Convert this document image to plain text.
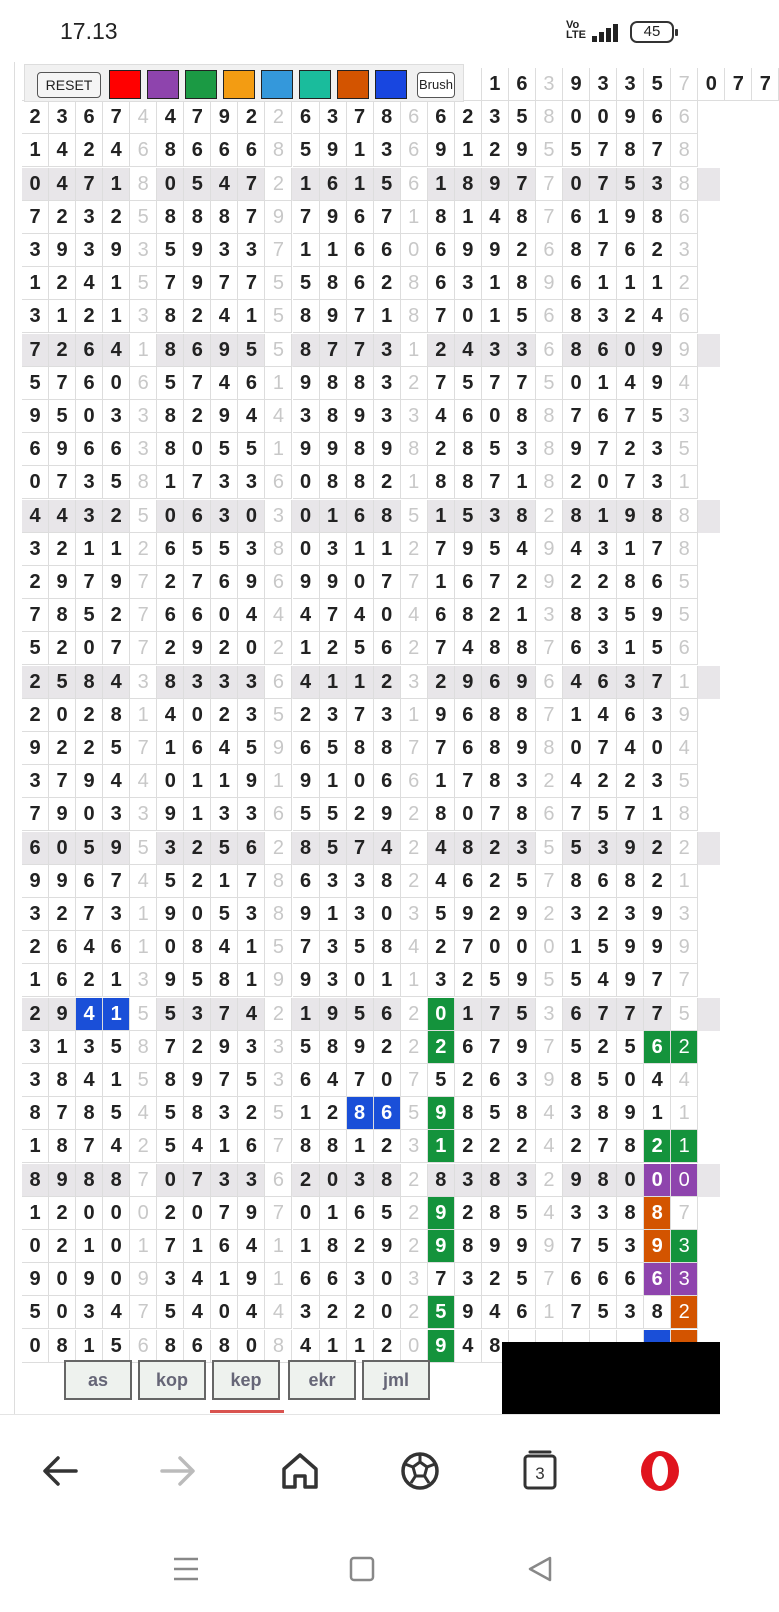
17.13	Vo LTE	45
1 6 3 9 3 3 5 7 0 7 7
2 3 6 7 4 4 7 9 2 2 6 3 7 8 6 6 2 3 5 8 0 0 9 6 6
1 4 2 4 6 8 6 6 6 8 5 9 1 3 6 9 1 2 9 5 5 7 8 7 8
0 4 7 1 8 0 5 4 7 2 1 6 1 5 6 1 8 9 7 7 0 7 5 3 8
7 2 3 2 5 8 8 8 7 9 7 9 6 7 1 8 1 4 8 7 6 1 9 8 6
3 9 3 9 3 5 9 3 3 7 1 1 6 6 0 6 9 9 2 6 8 7 6 2 3
1 2 4 1 5 7 9 7 7 5 5 8 6 2 8 6 3 1 8 9 6 1 1 1 2
3 1 2 1 3 8 2 4 1 5 8 9 7 1 8 7 0 1 5 6 8 3 2 4 6
7 2 6 4 1 8 6 9 5 5 8 7 7 3 1 2 4 3 3 6 8 6 0 9 9
5 7 6 0 6 5 7 4 6 1 9 8 8 3 2 7 5 7 7 5 0 1 4 9 4
9 5 0 3 3 8 2 9 4 4 3 8 9 3 3 4 6 0 8 8 7 6 7 5 3
6 9 6 6 3 8 0 5 5 1 9 9 8 9 8 2 8 5 3 8 9 7 2 3 5
0 7 3 5 8 1 7 3 3 6 0 8 8 2 1 8 8 7 1 8 2 0 7 3 1
4 4 3 2 5 0 6 3 0 3 0 1 6 8 5 1 5 3 8 2 8 1 9 8 8
3 2 1 1 2 6 5 5 3 8 0 3 1 1 2 7 9 5 4 9 4 3 1 7 8
2 9 7 9 7 2 7 6 9 6 9 9 0 7 7 1 6 7 2 9 2 2 8 6 5
7 8 5 2 7 6 6 0 4 4 4 7 4 0 4 6 8 2 1 3 8 3 5 9 5
5 2 0 7 7 2 9 2 0 2 1 2 5 6 2 7 4 8 8 7 6 3 1 5 6
2 5 8 4 3 8 3 3 3 6 4 1 1 2 3 2 9 6 9 6 4 6 3 7 1
2 0 2 8 1 4 0 2 3 5 2 3 7 3 1 9 6 8 8 7 1 4 6 3 9
9 2 2 5 7 1 6 4 5 9 6 5 8 8 7 7 6 8 9 8 0 7 4 0 4
3 7 9 4 4 0 1 1 9 1 9 1 0 6 6 1 7 8 3 2 4 2 2 3 5
7 9 0 3 3 9 1 3 3 6 5 5 2 9 2 8 0 7 8 6 7 5 7 1 8
6 0 5 9 5 3 2 5 6 2 8 5 7 4 2 4 8 2 3 5 5 3 9 2 2
9 9 6 7 4 5 2 1 7 8 6 3 3 8 2 4 6 2 5 7 8 6 8 2 1
3 2 7 3 1 9 0 5 3 8 9 1 3 0 3 5 9 2 9 2 3 2 3 9 3
2 6 4 6 1 0 8 4 1 5 7 3 5 8 4 2 7 0 0 0 1 5 9 9 9
1 6 2 1 3 9 5 8 1 9 9 3 0 1 1 3 2 5 9 5 5 4 9 7 7
2 9 4 1 5 5 3 7 4 2 1 9 5 6 2 0 1 7 5 3 6 7 7 7 5
3 1 3 5 8 7 2 9 3 3 5 8 9 2 2 2 6 7 9 7 5 2 5 6 2
3 8 4 1 5 8 9 7 5 3 6 4 7 0 7 5 2 6 3 9 8 5 0 4 4
8 7 8 5 4 5 8 3 2 5 1 2 8 6 5 9 8 5 8 4 3 8 9 1 1
1 8 7 4 2 5 4 1 6 7 8 8 1 2 3 1 2 2 2 4 2 7 8 2 1
8 9 8 8 7 0 7 3 3 6 2 0 3 8 2 8 3 8 3 2 9 8 0 0 0
1 2 0 0 0 2 0 7 9 7 0 1 6 5 2 9 2 8 5 4 3 3 8 8 7
0 2 1 0 1 7 1 6 4 1 1 8 2 9 2 9 8 9 9 9 7 5 3 9 3
9 0 9 0 9 3 4 1 9 1 6 6 3 0 3 7 3 2 5 7 6 6 6 6 3
5 0 3 4 7 5 4 0 4 4 3 2 2 0 2 5 9 4 6 1 7 5 3 8 2
0 8 1 5 6 8 6 8 0 8 4 1 1 2 0 9 4 8
RESET	Brush
as	kop	kep	ekr	jml
3
